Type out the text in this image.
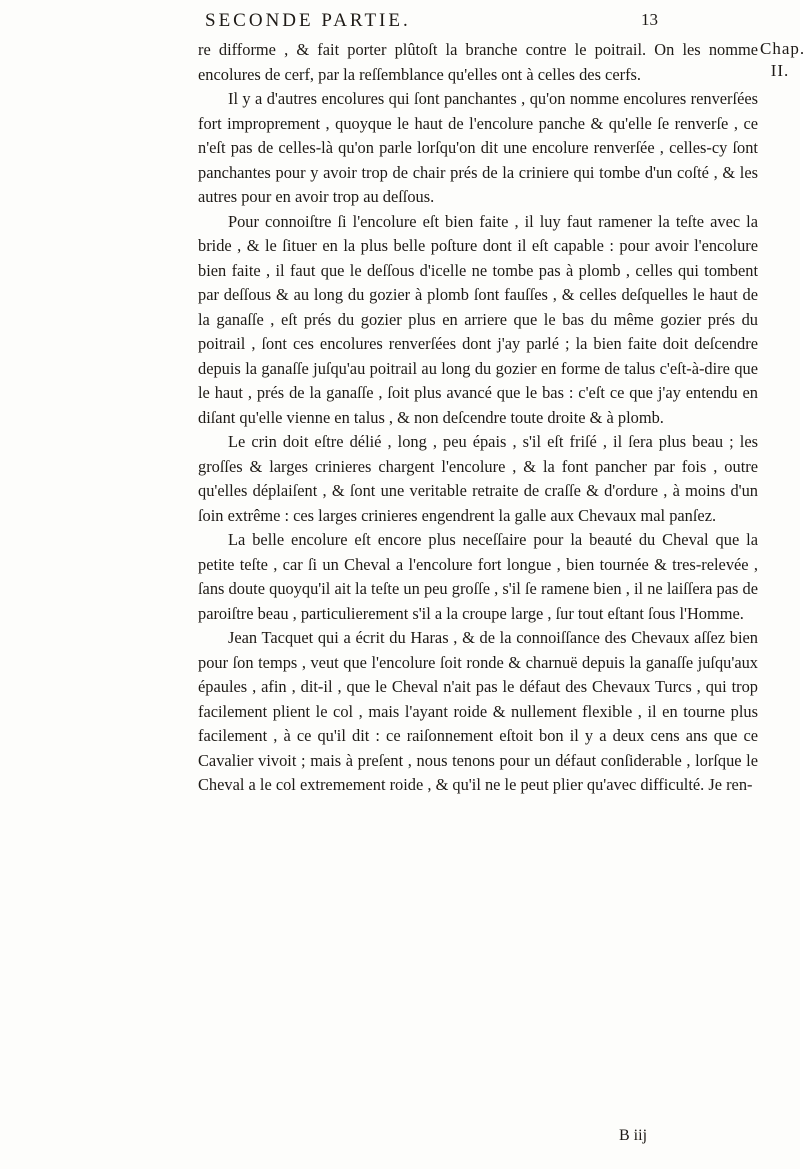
SECONDE PARTIE.	13
Chap.
II.

re difforme , & fait porter plûtoſt la branche contre le poitrail. On les nomme encolures de cerf, par la reſſemblance qu'elles ont à celles des cerfs.

Il y a d'autres encolures qui ſont panchantes , qu'on nomme encolures renverſées fort improprement , quoyque le haut de l'encolure panche & qu'elle ſe renverſe , ce n'eſt pas de celles-là qu'on parle lorſqu'on dit une encolure renverſée , celles-cy ſont panchantes pour y avoir trop de chair prés de la criniere qui tombe d'un coſté , & les autres pour en avoir trop au deſſous.

Pour connoiſtre ſi l'encolure eſt bien faite , il luy faut ramener la teſte avec la bride , & le ſituer en la plus belle poſture dont il eſt capable : pour avoir l'encolure bien faite , il faut que le deſſous d'icelle ne tombe pas à plomb , celles qui tombent par deſſous & au long du gozier à plomb ſont fauſſes , & celles deſquelles le haut de la ganaſſe , eſt prés du gozier plus en arriere que le bas du même gozier prés du poitrail , ſont ces encolures renverſées dont j'ay parlé ; la bien faite doit deſcendre depuis la ganaſſe juſqu'au poitrail au long du gozier en forme de talus c'eſt-à-dire que le haut , prés de la ganaſſe , ſoit plus avancé que le bas : c'eſt ce que j'ay entendu en diſant qu'elle vienne en talus , & non deſcendre toute droite & à plomb.

Le crin doit eſtre délié , long , peu épais , s'il eſt friſé , il ſera plus beau ; les groſſes & larges crinieres chargent l'encolure , & la font pancher par fois , outre qu'elles déplaiſent , & ſont une veritable retraite de craſſe & d'ordure , à moins d'un ſoin extrême : ces larges crinieres engendrent la galle aux Chevaux mal panſez.

La belle encolure eſt encore plus neceſſaire pour la beauté du Cheval que la petite teſte , car ſi un Cheval a l'encolure fort longue , bien tournée & tres-relevée , ſans doute quoyqu'il ait la teſte un peu groſſe , s'il ſe ramene bien , il ne laiſſera pas de paroiſtre beau , particulierement s'il a la croupe large , ſur tout eſtant ſous l'Homme.

Jean Tacquet qui a écrit du Haras , & de la connoiſſance des Chevaux aſſez bien pour ſon temps , veut que l'encolure ſoit ronde & charnuë depuis la ganaſſe juſqu'aux épaules , afin , dit-il , que le Cheval n'ait pas le défaut des Chevaux Turcs , qui trop facilement plient le col , mais l'ayant roide & nullement flexible , il en tourne plus facilement , à ce qu'il dit : ce raiſonnement eſtoit bon il y a deux cens ans que ce Cavalier vivoit ; mais à preſent , nous tenons pour un défaut conſiderable , lorſque le Cheval a le col extremement roide , & qu'il ne le peut plier qu'avec difficulté. Je ren-

B iij
